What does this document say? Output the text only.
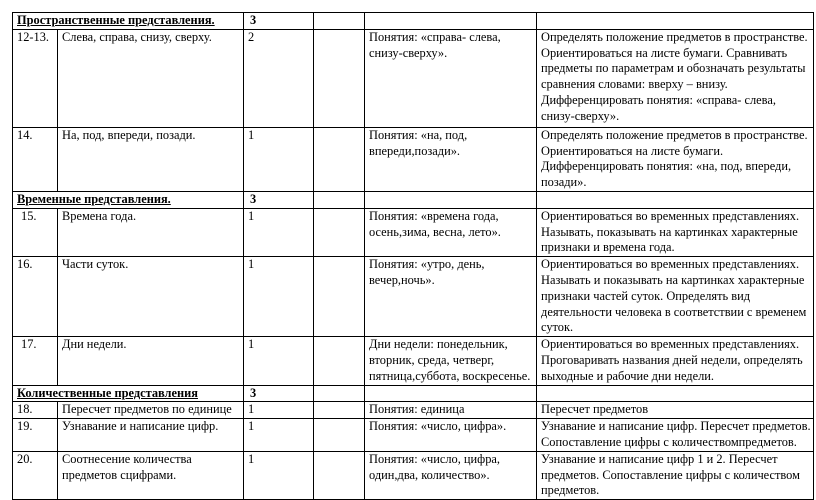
Пространственные представления.		3			
12-13.	Слева, справа, снизу, сверху.	2		Понятия: «справа- слева, снизу-сверху».	Определять положение предметов в пространстве. Ориентироваться на листе бумаги. Сравнивать предметы по параметрам и обозначать результаты сравнения словами: вверху – внизу. Дифференцировать понятия: «справа- слева, снизу-сверху».
14.	На, под, впереди, позади.	1		Понятия: «на, под, впереди,позади».	Определять положение предметов в пространстве. Ориентироваться на листе бумаги. Дифференцировать понятия: «на, под, впереди, позади».
Временные представления.		3			
15.	Времена года.	1		Понятия: «времена года, осень,зима, весна, лето».	Ориентироваться во временных представлениях. Называть, показывать на картинках характерные признаки и времена года.
16.	Части суток.	1		Понятия: «утро, день, вечер,ночь».	Ориентироваться во временных представлениях. Называть и показывать на картинках характерные признаки частей суток. Определять вид деятельности человека в соответствии с временем суток.
17.	Дни недели.	1		Дни недели: понедельник, вторник, среда, четверг, пятница,суббота, воскресенье.	Ориентироваться во временных представлениях. Проговаривать названия дней недели, определять выходные и рабочие дни недели.
Количественные представления		3			
18.	Пересчет предметов по единице	1		Понятия: единица	Пересчет предметов
19.	Узнавание и написание цифр.	1		Понятия: «число, цифра».	Узнавание и написание цифр. Пересчет предметов. Сопоставление цифры с количествомпредметов.
20.	Соотнесение количества предметов сцифрами.	1		Понятия: «число, цифра, один,два, количество».	Узнавание и написание цифр 1 и 2. Пересчет предметов. Сопоставление цифры с количеством предметов.
